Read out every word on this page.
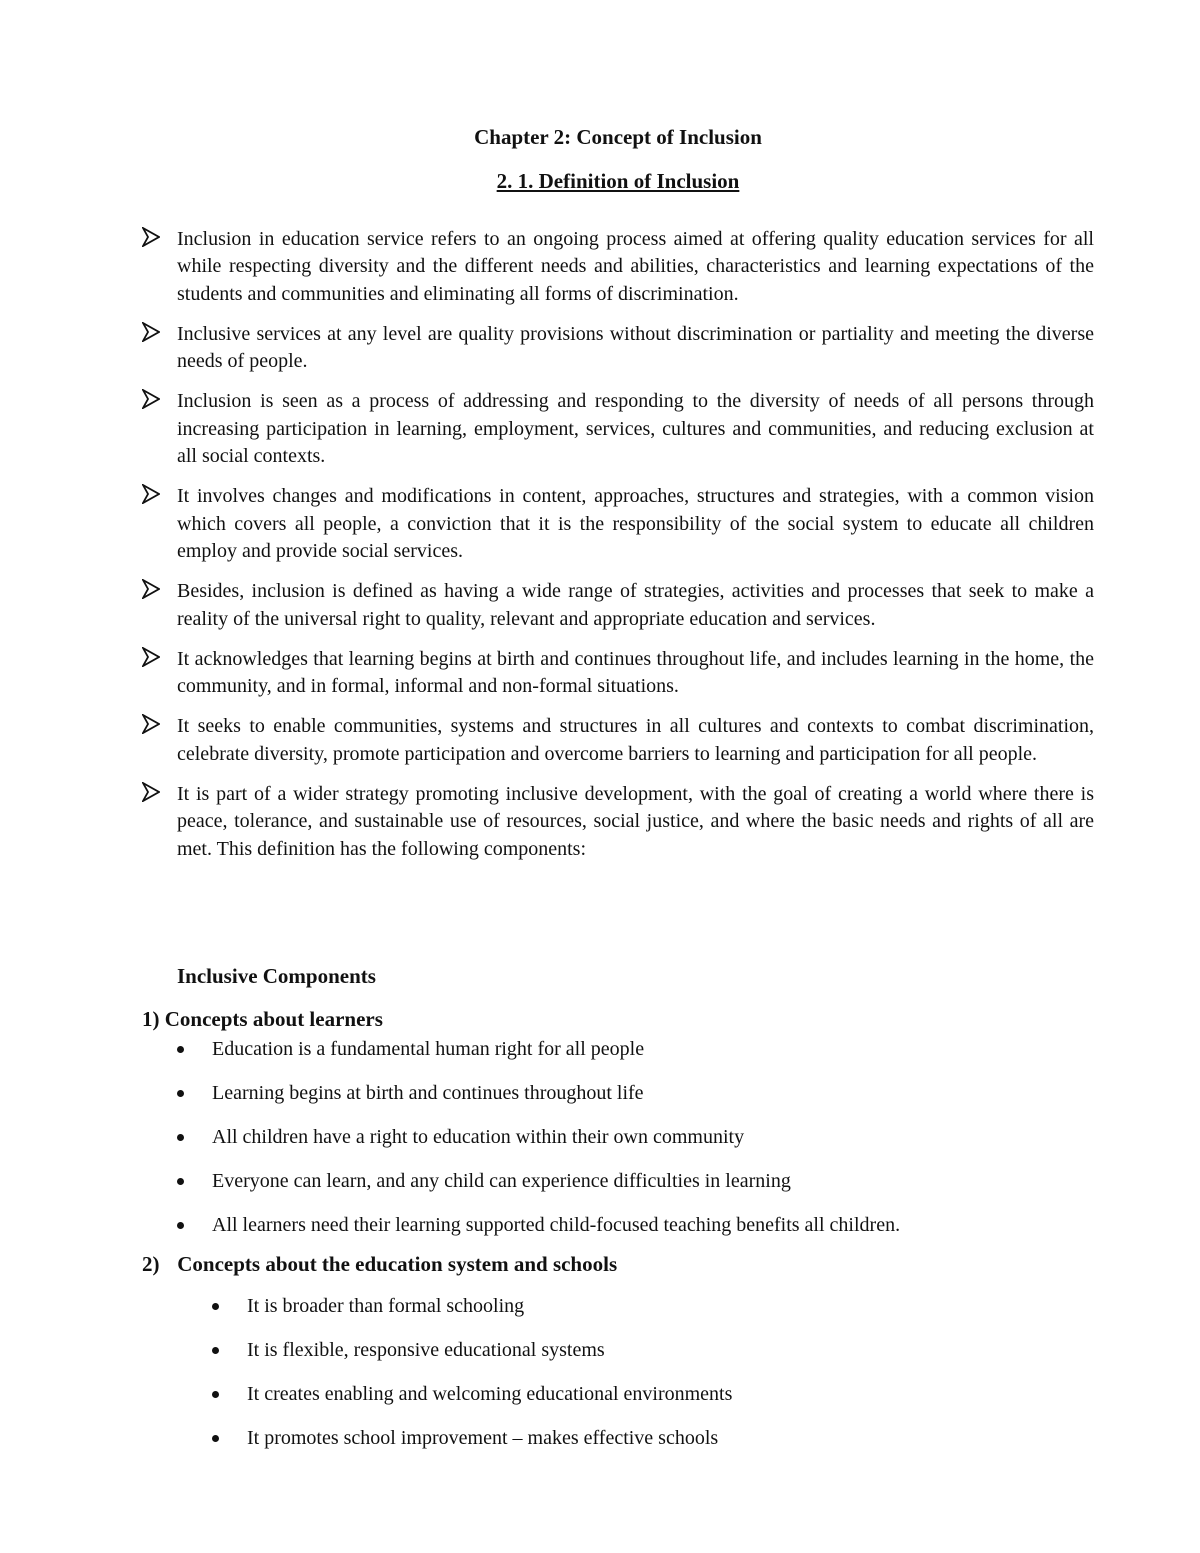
Chapter 2: Concept of Inclusion
2. 1. Definition of Inclusion
Inclusion in education service refers to an ongoing process aimed at offering quality education services for all while respecting diversity and the different needs and abilities, characteristics and learning expectations of the students and communities and eliminating all forms of discrimination.
Inclusive services at any level are quality provisions without discrimination or partiality and meeting the diverse needs of people.
Inclusion is seen as a process of addressing and responding to the diversity of needs of all persons through increasing participation in learning, employment, services, cultures and communities, and reducing exclusion at all social contexts.
It involves changes and modifications in content, approaches, structures and strategies, with a common vision which covers all people, a conviction that it is the responsibility of the social system to educate all children employ and provide social services.
Besides, inclusion is defined as having a wide range of strategies, activities and processes that seek to make a reality of the universal right to quality, relevant and appropriate education and services.
It acknowledges that learning begins at birth and continues throughout life, and includes learning in the home, the community, and in formal, informal and non-formal situations.
It seeks to enable communities, systems and structures in all cultures and contexts to combat discrimination, celebrate diversity, promote participation and overcome barriers to learning and participation for all people.
It is part of a wider strategy promoting inclusive development, with the goal of creating a world where there is peace, tolerance, and sustainable use of resources, social justice, and where the basic needs and rights of all are met. This definition has the following components:
Inclusive Components
1) Concepts about learners
Education is a fundamental human right for all people
Learning begins at birth and continues throughout life
All children have a right to education within their own community
Everyone can learn, and any child can experience difficulties in learning
All learners need their learning supported child-focused teaching benefits all children.
2) Concepts about the education system and schools
It is broader than formal schooling
It is flexible, responsive educational systems
It creates enabling and welcoming educational environments
It promotes school improvement – makes effective schools
